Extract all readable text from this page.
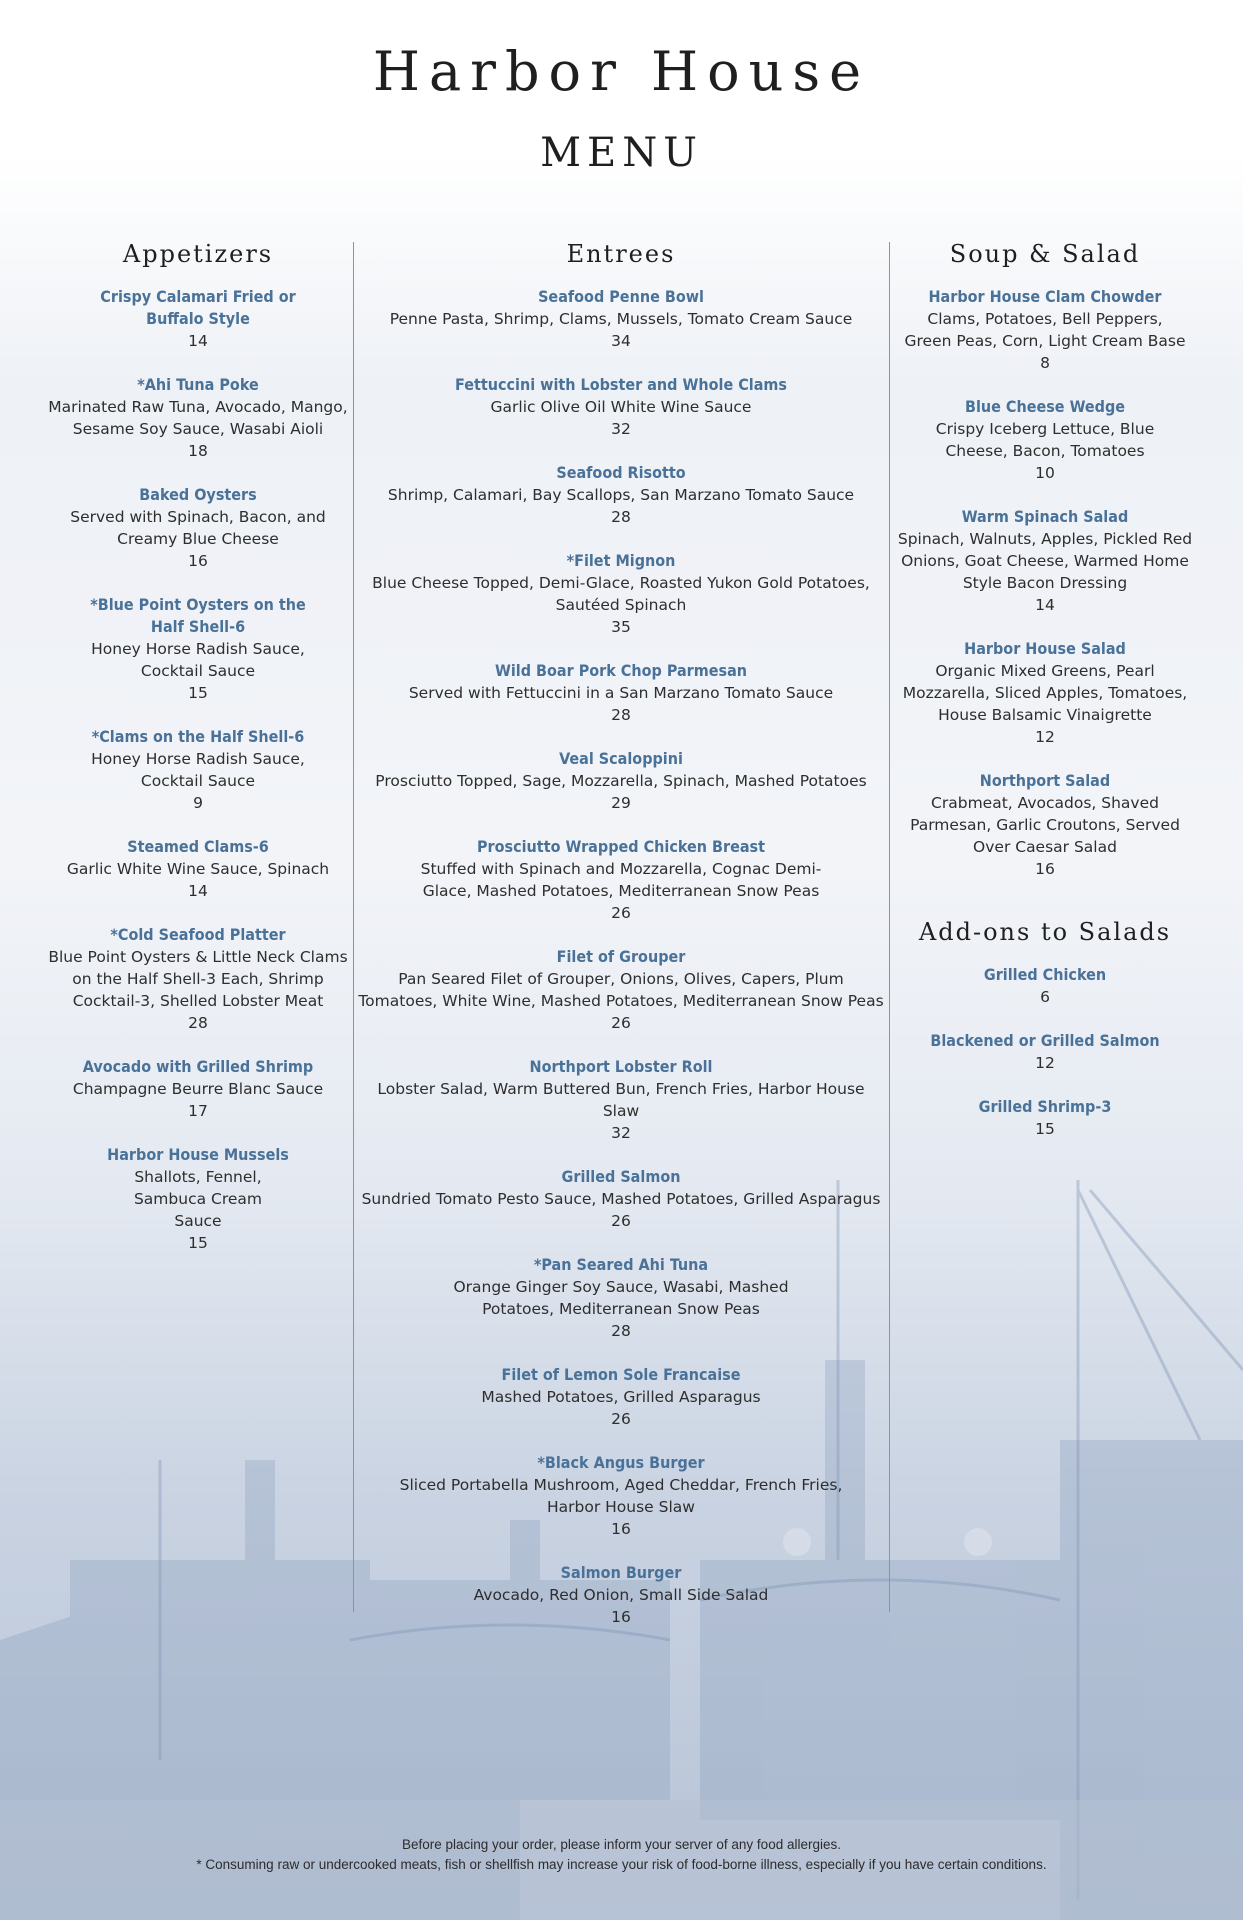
Harbor House
MENU
Appetizers
Crispy Calamari Fried or Buffalo Style
14
*Ahi Tuna Poke
Marinated Raw Tuna, Avocado, Mango, Sesame Soy Sauce, Wasabi Aioli
18
Baked Oysters
Served with Spinach, Bacon, and Creamy Blue Cheese
16
*Blue Point Oysters on the Half Shell-6
Honey Horse Radish Sauce, Cocktail Sauce
15
*Clams on the Half Shell-6
Honey Horse Radish Sauce, Cocktail Sauce
9
Steamed Clams-6
Garlic White Wine Sauce, Spinach
14
*Cold Seafood Platter
Blue Point Oysters & Little Neck Clams on the Half Shell-3 Each, Shrimp Cocktail-3, Shelled Lobster Meat
28
Avocado with Grilled Shrimp
Champagne Beurre Blanc Sauce
17
Harbor House Mussels
Shallots, Fennel, Sambuca Cream Sauce
15
Entrees
Seafood Penne Bowl
Penne Pasta, Shrimp, Clams, Mussels, Tomato Cream Sauce
34
Fettuccini with Lobster and Whole Clams
Garlic Olive Oil White Wine Sauce
32
Seafood Risotto
Shrimp, Calamari, Bay Scallops, San Marzano Tomato Sauce
28
*Filet Mignon
Blue Cheese Topped, Demi-Glace, Roasted Yukon Gold Potatoes, Sautéed Spinach
35
Wild Boar Pork Chop Parmesan
Served with Fettuccini in a San Marzano Tomato Sauce
28
Veal Scaloppini
Prosciutto Topped, Sage, Mozzarella, Spinach, Mashed Potatoes
29
Prosciutto Wrapped Chicken Breast
Stuffed with Spinach and Mozzarella, Cognac Demi-Glace, Mashed Potatoes, Mediterranean Snow Peas
26
Filet of Grouper
Pan Seared Filet of Grouper, Onions, Olives, Capers, Plum Tomatoes, White Wine, Mashed Potatoes, Mediterranean Snow Peas
26
Northport Lobster Roll
Lobster Salad, Warm Buttered Bun, French Fries, Harbor House Slaw
32
Grilled Salmon
Sundried Tomato Pesto Sauce, Mashed Potatoes, Grilled Asparagus
26
*Pan Seared Ahi Tuna
Orange Ginger Soy Sauce, Wasabi, Mashed Potatoes, Mediterranean Snow Peas
28
Filet of Lemon Sole Francaise
Mashed Potatoes, Grilled Asparagus
26
*Black Angus Burger
Sliced Portabella Mushroom, Aged Cheddar, French Fries, Harbor House Slaw
16
Salmon Burger
Avocado, Red Onion, Small Side Salad
16
Soup & Salad
Harbor House Clam Chowder
Clams, Potatoes, Bell Peppers, Green Peas, Corn, Light Cream Base
8
Blue Cheese Wedge
Crispy Iceberg Lettuce, Blue Cheese, Bacon, Tomatoes
10
Warm Spinach Salad
Spinach, Walnuts, Apples, Pickled Red Onions, Goat Cheese, Warmed Home Style Bacon Dressing
14
Harbor House Salad
Organic Mixed Greens, Pearl Mozzarella, Sliced Apples, Tomatoes, House Balsamic Vinaigrette
12
Northport Salad
Crabmeat, Avocados, Shaved Parmesan, Garlic Croutons, Served Over Caesar Salad
16
Add-ons to Salads
Grilled Chicken
6
Blackened or Grilled Salmon
12
Grilled Shrimp-3
15
Before placing your order, please inform your server of any food allergies.
* Consuming raw or undercooked meats, fish or shellfish may increase your risk of food-borne illness, especially if you have certain conditions.
